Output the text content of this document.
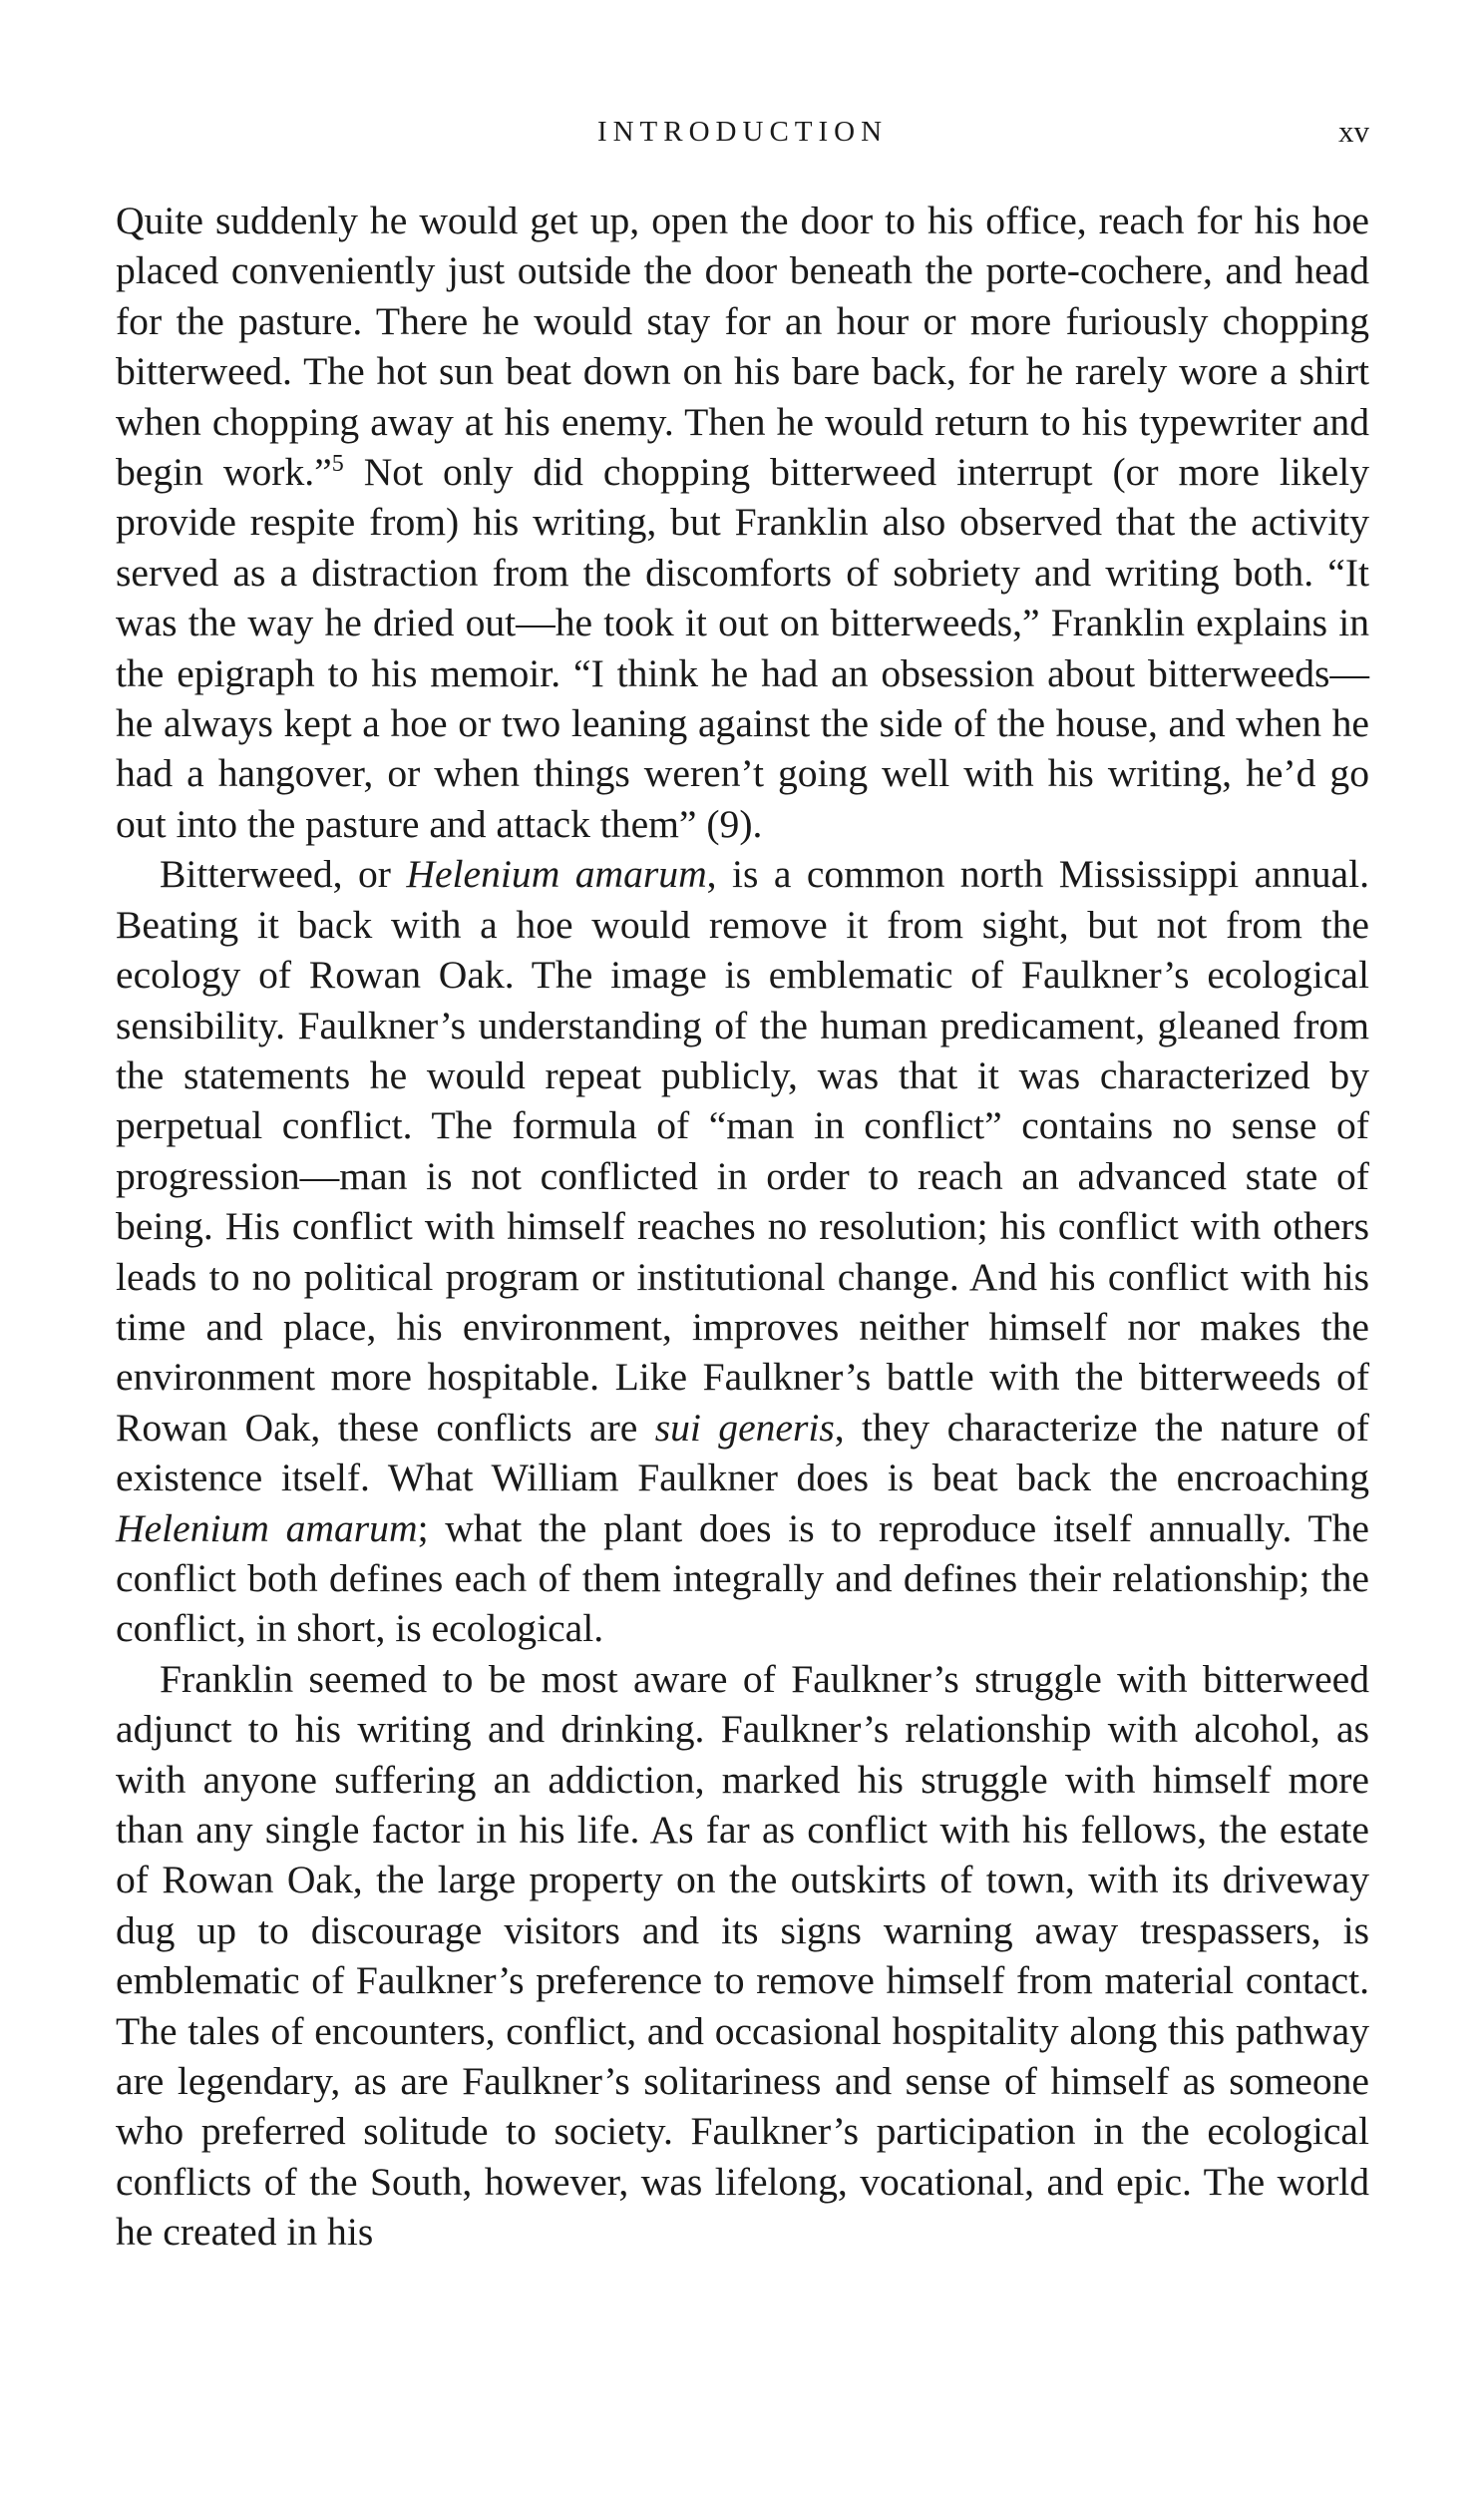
INTRODUCTION	xv

Quite suddenly he would get up, open the door to his office, reach for his hoe placed conveniently just outside the door beneath the porte-cochere, and head for the pasture. There he would stay for an hour or more furiously chopping bitterweed. The hot sun beat down on his bare back, for he rarely wore a shirt when chopping away at his enemy. Then he would return to his typewriter and begin work.”$^5$ Not only did chopping bitterweed interrupt (or more likely provide respite from) his writing, but Franklin also observed that the activity served as a distraction from the discomforts of sobriety and writing both. “It was the way he dried out—he took it out on bitterweeds,” Franklin explains in the epigraph to his memoir. “I think he had an obsession about bitterweeds—he always kept a hoe or two leaning against the side of the house, and when he had a hangover, or when things weren’t going well with his writing, he’d go out into the pasture and attack them” (9).

Bitterweed, or Helenium amarum, is a common north Mississippi annual. Beating it back with a hoe would remove it from sight, but not from the ecology of Rowan Oak. The image is emblematic of Faulkner’s ecological sensibility. Faulkner’s understanding of the human predicament, gleaned from the statements he would repeat publicly, was that it was characterized by perpetual conflict. The formula of “man in conflict” contains no sense of progression—man is not conflicted in order to reach an advanced state of being. His conflict with himself reaches no resolution; his conflict with others leads to no political program or institutional change. And his conflict with his time and place, his environment, improves neither himself nor makes the environment more hospitable. Like Faulkner’s battle with the bitterweeds of Rowan Oak, these conflicts are sui generis, they characterize the nature of existence itself. What William Faulkner does is beat back the encroaching Helenium amarum; what the plant does is to reproduce itself annually. The conflict both defines each of them integrally and defines their relationship; the conflict, in short, is ecological.

Franklin seemed to be most aware of Faulkner’s struggle with bitterweed adjunct to his writing and drinking. Faulkner’s relationship with alcohol, as with anyone suffering an addiction, marked his struggle with himself more than any single factor in his life. As far as conflict with his fellows, the estate of Rowan Oak, the large property on the outskirts of town, with its driveway dug up to discourage visitors and its signs warning away trespassers, is emblematic of Faulkner’s preference to remove himself from material contact. The tales of encounters, conflict, and occasional hospitality along this pathway are legendary, as are Faulkner’s solitariness and sense of himself as someone who preferred solitude to society. Faulkner’s participation in the ecological conflicts of the South, however, was lifelong, vocational, and epic. The world he created in his
